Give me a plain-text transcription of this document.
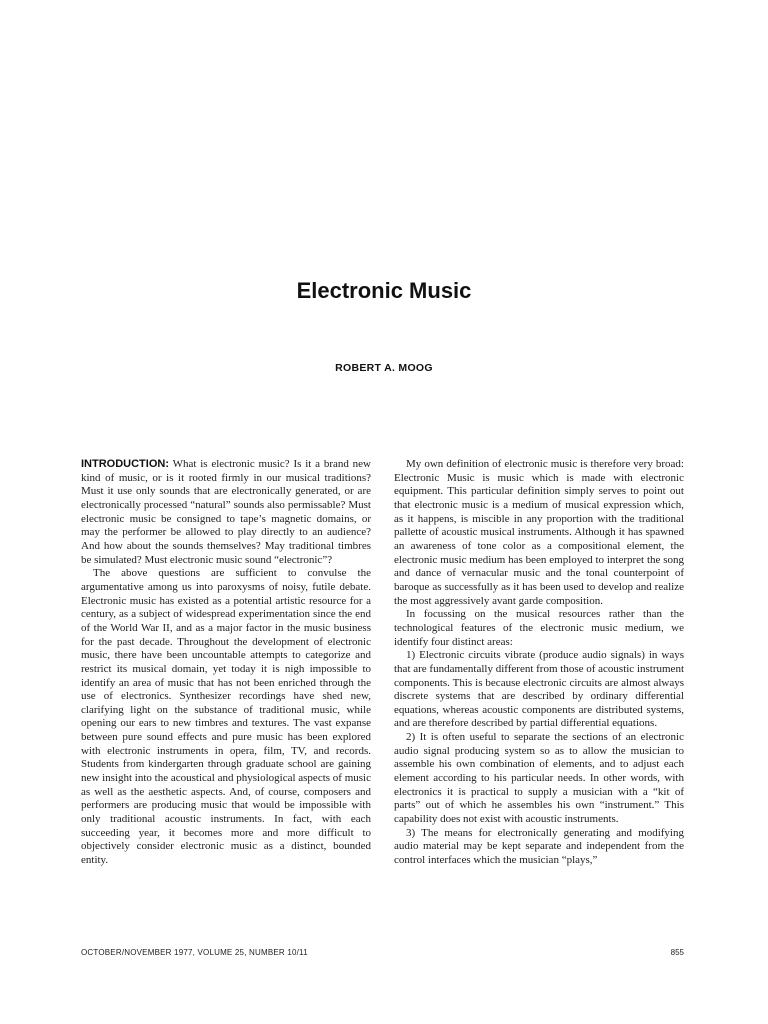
Electronic Music
ROBERT A. MOOG

INTRODUCTION: What is electronic music? Is it a brand new kind of music, or is it rooted firmly in our musical traditions? Must it use only sounds that are electronically generated, or are electronically processed “natural” sounds also permissable? Must electronic music be consigned to tape’s magnetic domains, or may the performer be allowed to play directly to an audience? And how about the sounds themselves? May traditional timbres be simulated? Must electronic music sound “electronic”?

The above questions are sufficient to convulse the argumentative among us into paroxysms of noisy, futile debate. Electronic music has existed as a potential artistic resource for a century, as a subject of widespread experimentation since the end of the World War II, and as a major factor in the music business for the past decade. Throughout the development of electronic music, there have been uncountable attempts to categorize and restrict its musical domain, yet today it is nigh impossible to identify an area of music that has not been enriched through the use of electronics. Synthesizer recordings have shed new, clarifying light on the substance of traditional music, while opening our ears to new timbres and textures. The vast expanse between pure sound effects and pure music has been explored with electronic instruments in opera, film, TV, and records. Students from kindergarten through graduate school are gaining new insight into the acoustical and physiological aspects of music as well as the aesthetic aspects. And, of course, composers and performers are producing music that would be impossible with only traditional acoustic instruments. In fact, with each succeeding year, it becomes more and more difficult to objectively consider electronic music as a distinct, bounded entity.

My own definition of electronic music is therefore very broad: Electronic Music is music which is made with electronic equipment. This particular definition simply serves to point out that electronic music is a medium of musical expression which, as it happens, is miscible in any proportion with the traditional pallette of acoustic musical instruments. Although it has spawned an awareness of tone color as a compositional element, the electronic music medium has been employed to interpret the song and dance of vernacular music and the tonal counterpoint of baroque as successfully as it has been used to develop and realize the most aggressively avant garde composition.

In focussing on the musical resources rather than the technological features of the electronic music medium, we identify four distinct areas:

1) Electronic circuits vibrate (produce audio signals) in ways that are fundamentally different from those of acoustic instrument components. This is because electronic circuits are almost always discrete systems that are described by ordinary differential equations, whereas acoustic components are distributed systems, and are therefore described by partial differential equations.

2) It is often useful to separate the sections of an electronic audio signal producing system so as to allow the musician to assemble his own combination of elements, and to adjust each element according to his particular needs. In other words, with electronics it is practical to supply a musician with a “kit of parts” out of which he assembles his own “instrument.” This capability does not exist with acoustic instruments.

3) The means for electronically generating and modifying audio material may be kept separate and independent from the control interfaces which the musician “plays,”

OCTOBER/NOVEMBER 1977, VOLUME 25, NUMBER 10/11	855
